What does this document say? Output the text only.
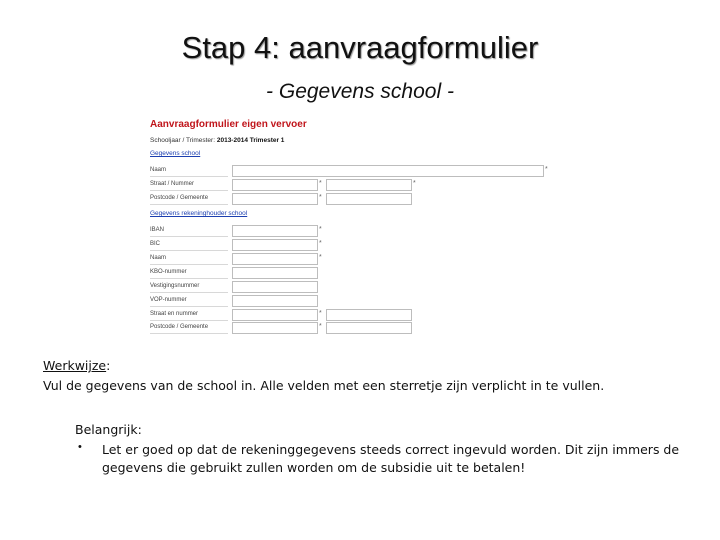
Stap 4: aanvraagformulier
- Gegevens school -
Aanvraagformulier eigen vervoer
Schooljaar / Trimester: 2013-2014 Trimester 1
Gegevens school
Naam	*
Straat / Nummer	*	*
Postcode / Gemeente	*
Gegevens rekeninghouder school
IBAN	*
BIC	*
Naam	*
KBO-nummer
Vestigingsnummer
VOP-nummer
Straat en nummer	*
Postcode / Gemeente	*
Werkwijze:
Vul de gegevens van de school in. Alle velden met een sterretje zijn verplicht in te vullen.
Belangrijk:
• Let er goed op dat de rekeninggegevens steeds correct ingevuld worden. Dit zijn immers de gegevens die gebruikt zullen worden om de subsidie uit te betalen!
